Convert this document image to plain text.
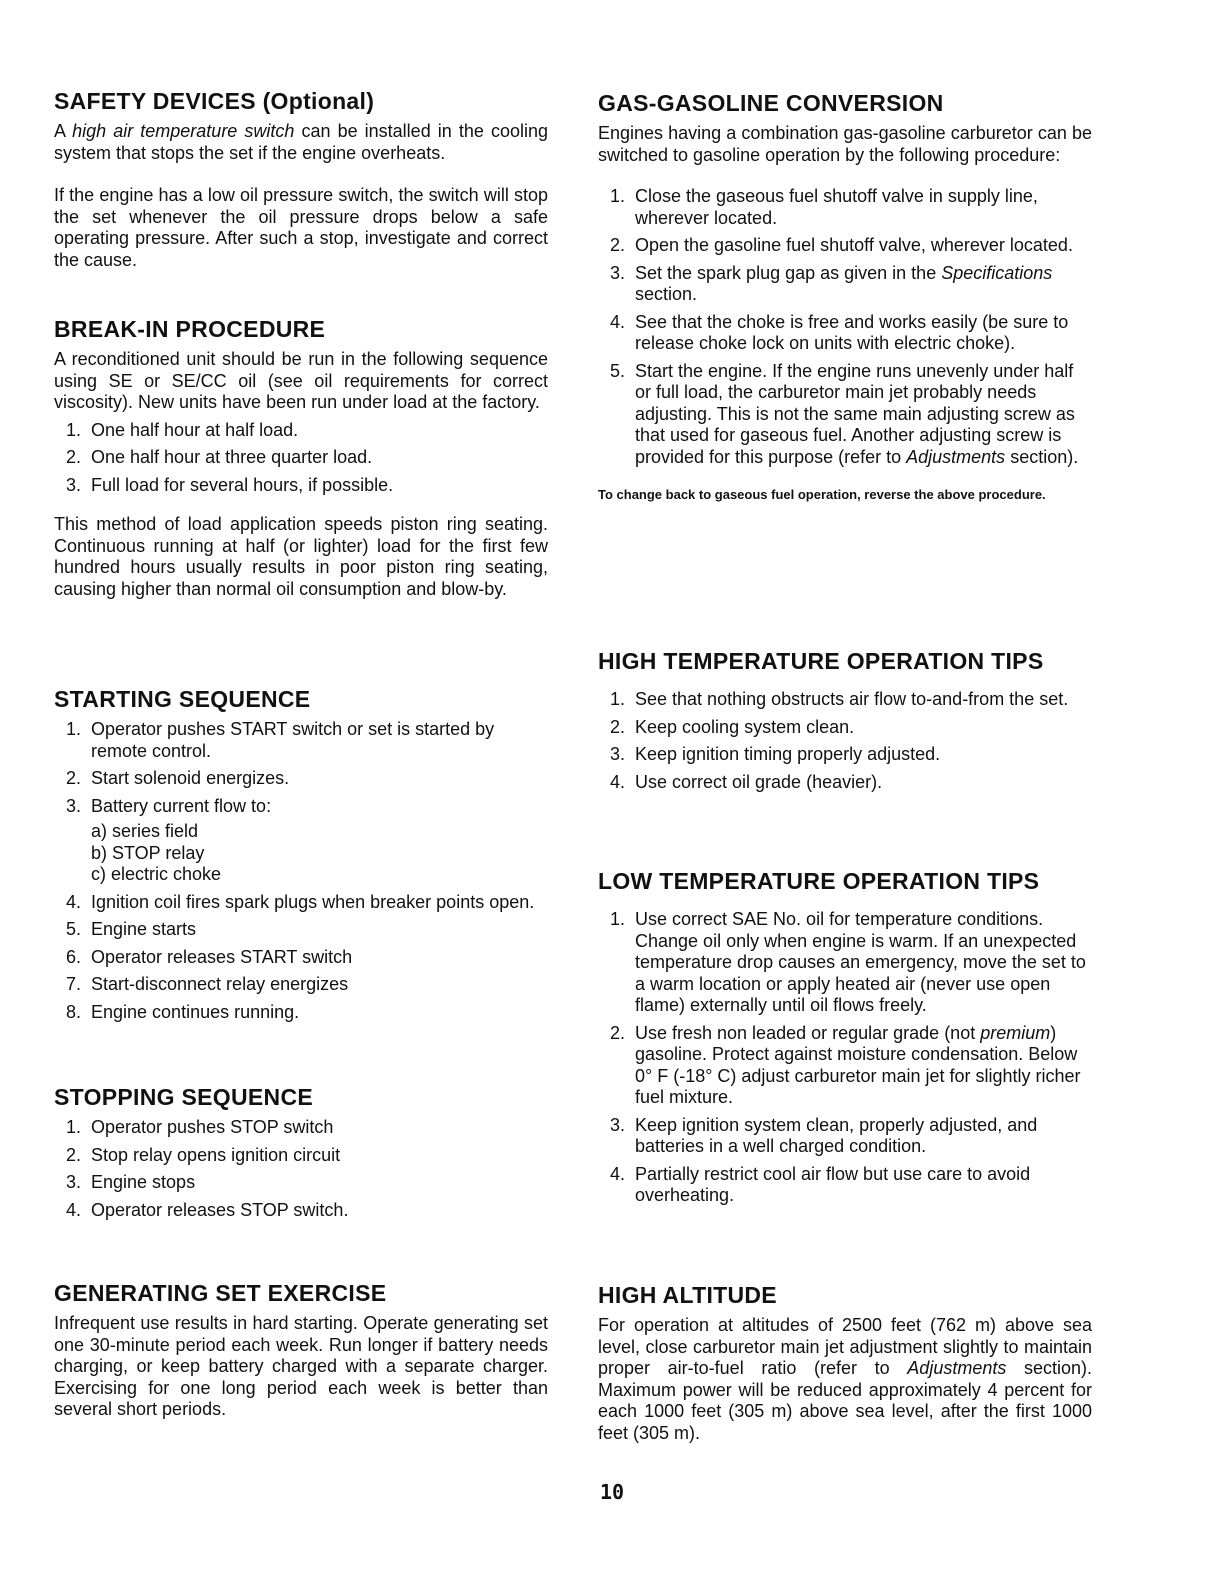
SAFETY DEVICES (Optional)

A high air temperature switch can be installed in the cooling system that stops the set if the engine overheats.

If the engine has a low oil pressure switch, the switch will stop the set whenever the oil pressure drops below a safe operating pressure. After such a stop, investigate and correct the cause.

BREAK-IN PROCEDURE

A reconditioned unit should be run in the following sequence using SE or SE/CC oil (see oil requirements for correct viscosity). New units have been run under load at the factory.

1. One half hour at half load.
2. One half hour at three quarter load.
3. Full load for several hours, if possible.

This method of load application speeds piston ring seating. Continuous running at half (or lighter) load for the first few hundred hours usually results in poor piston ring seating, causing higher than normal oil consumption and blow-by.

STARTING SEQUENCE
1. Operator pushes START switch or set is started by remote control.
2. Start solenoid energizes.
3. Battery current flow to:
a) series field
b) STOP relay
c) electric choke
4. Ignition coil fires spark plugs when breaker points open.
5. Engine starts
6. Operator releases START switch
7. Start-disconnect relay energizes
8. Engine continues running.
STOPPING SEQUENCE
1. Operator pushes STOP switch
2. Stop relay opens ignition circuit
3. Engine stops
4. Operator releases STOP switch.
GENERATING SET EXERCISE

Infrequent use results in hard starting. Operate generating set one 30-minute period each week. Run longer if battery needs charging, or keep battery charged with a separate charger. Exercising for one long period each week is better than several short periods.

GAS-GASOLINE CONVERSION

Engines having a combination gas-gasoline carburetor can be switched to gasoline operation by the following procedure:

1. Close the gaseous fuel shutoff valve in supply line, wherever located.
2. Open the gasoline fuel shutoff valve, wherever located.
3. Set the spark plug gap as given in the Specifications section.
4. See that the choke is free and works easily (be sure to release choke lock on units with electric choke).
5. Start the engine. If the engine runs unevenly under half or full load, the carburetor main jet probably needs adjusting. This is not the same main adjusting screw as that used for gaseous fuel. Another adjusting screw is provided for this purpose (refer to Adjustments section).
To change back to gaseous fuel operation, reverse the above procedure.
HIGH TEMPERATURE OPERATION TIPS
1. See that nothing obstructs air flow to-and-from the set.
2. Keep cooling system clean.
3. Keep ignition timing properly adjusted.
4. Use correct oil grade (heavier).
LOW TEMPERATURE OPERATION TIPS
1. Use correct SAE No. oil for temperature conditions. Change oil only when engine is warm. If an unexpected temperature drop causes an emergency, move the set to a warm location or apply heated air (never use open flame) externally until oil flows freely.
2. Use fresh non leaded or regular grade (not premium) gasoline. Protect against moisture condensation. Below 0° F (-18° C) adjust carburetor main jet for slightly richer fuel mixture.
3. Keep ignition system clean, properly adjusted, and batteries in a well charged condition.
4. Partially restrict cool air flow but use care to avoid overheating.
HIGH ALTITUDE

For operation at altitudes of 2500 feet (762 m) above sea level, close carburetor main jet adjustment slightly to maintain proper air-to-fuel ratio (refer to Adjustments section). Maximum power will be reduced approximately 4 percent for each 1000 feet (305 m) above sea level, after the first 1000 feet (305 m).

10
